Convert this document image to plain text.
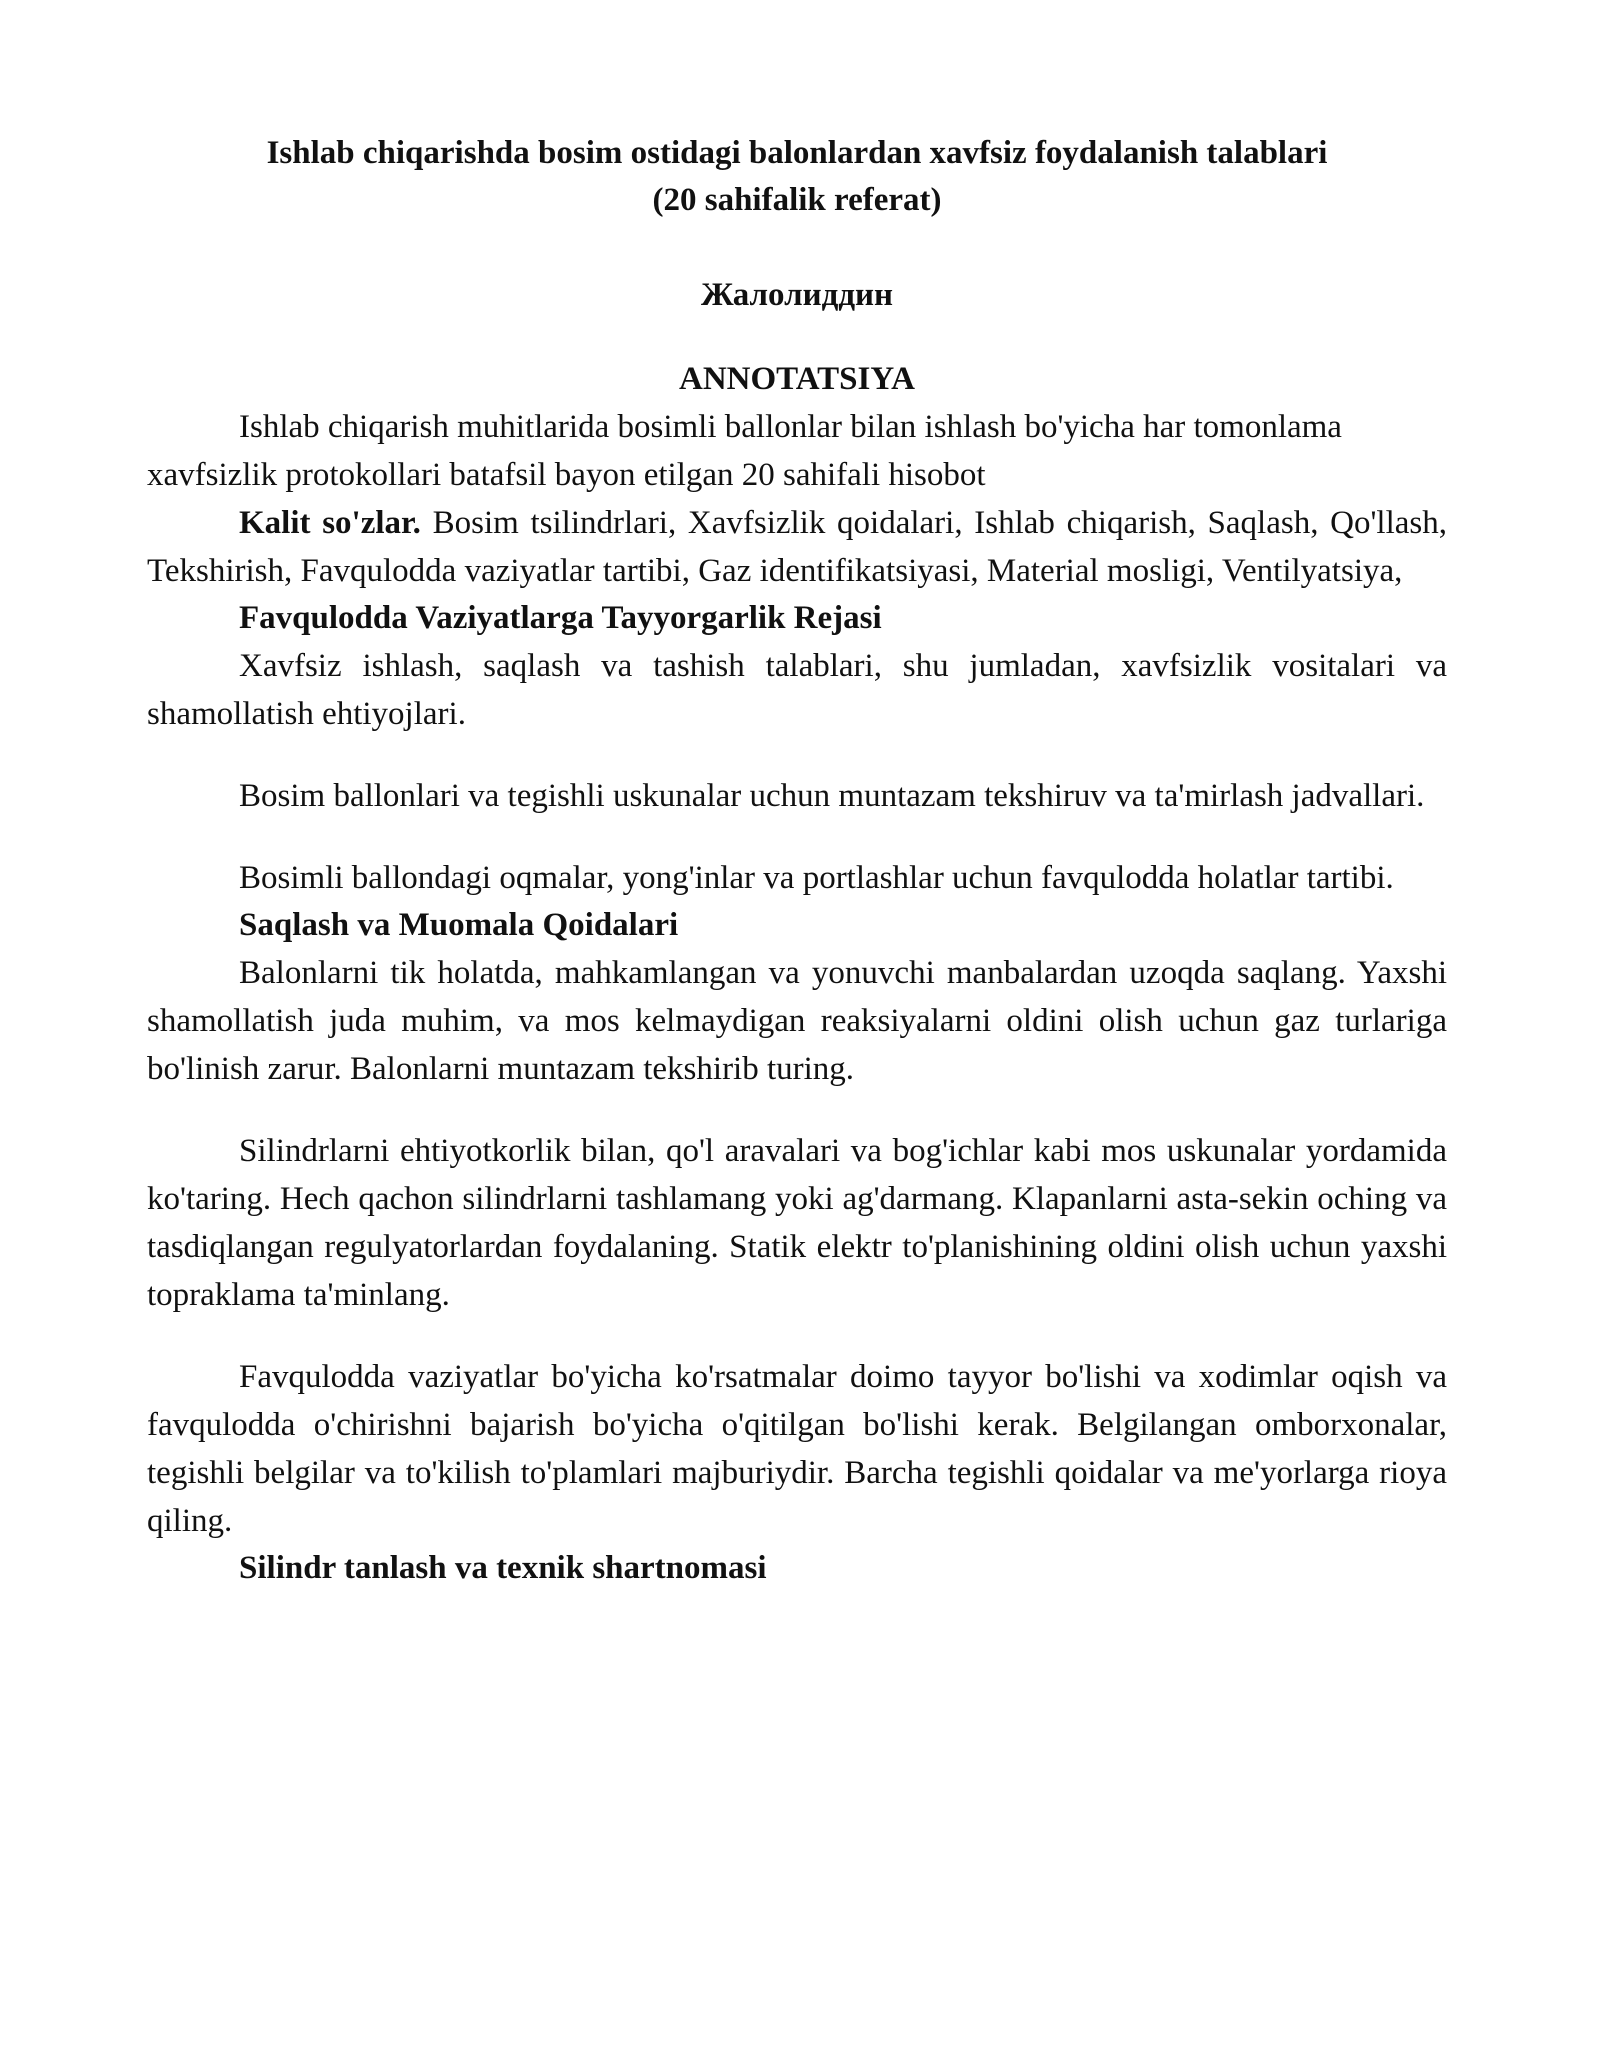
Ishlab chiqarishda bosim ostidagi balonlardan xavfsiz foydalanish talablari
(20 sahifalik referat)
Жалолиддин
ANNOTATSIYA

Ishlab chiqarish muhitlarida bosimli ballonlar bilan ishlash bo'yicha har tomonlama xavfsizlik protokollari batafsil bayon etilgan 20 sahifali hisobot

Kalit so'zlar. Bosim tsilindrlari, Xavfsizlik qoidalari, Ishlab chiqarish, Saqlash, Qo'llash, Tekshirish, Favqulodda vaziyatlar tartibi, Gaz identifikatsiyasi, Material mosligi, Ventilyatsiya,

Favqulodda Vaziyatlarga Tayyorgarlik Rejasi

Xavfsiz ishlash, saqlash va tashish talablari, shu jumladan, xavfsizlik vositalari va shamollatish ehtiyojlari.

Bosim ballonlari va tegishli uskunalar uchun muntazam tekshiruv va ta'mirlash jadvallari.

Bosimli ballondagi oqmalar, yong'inlar va portlashlar uchun favqulodda holatlar tartibi.

Saqlash va Muomala Qoidalari

Balonlarni tik holatda, mahkamlangan va yonuvchi manbalardan uzoqda saqlang. Yaxshi shamollatish juda muhim, va mos kelmaydigan reaksiyalarni oldini olish uchun gaz turlariga bo'linish zarur. Balonlarni muntazam tekshirib turing.

Silindrlarni ehtiyotkorlik bilan, qo'l aravalari va bog'ichlar kabi mos uskunalar yordamida ko'taring. Hech qachon silindrlarni tashlamang yoki ag'darmang. Klapanlarni asta-sekin oching va tasdiqlangan regulyatorlardan foydalaning. Statik elektr to'planishining oldini olish uchun yaxshi topraklama ta'minlang.

Favqulodda vaziyatlar bo'yicha ko'rsatmalar doimo tayyor bo'lishi va xodimlar oqish va favqulodda o'chirishni bajarish bo'yicha o'qitilgan bo'lishi kerak. Belgilangan omborxonalar, tegishli belgilar va to'kilish to'plamlari majburiydir. Barcha tegishli qoidalar va me'yorlarga rioya qiling.

Silindr tanlash va texnik shartnomasi
